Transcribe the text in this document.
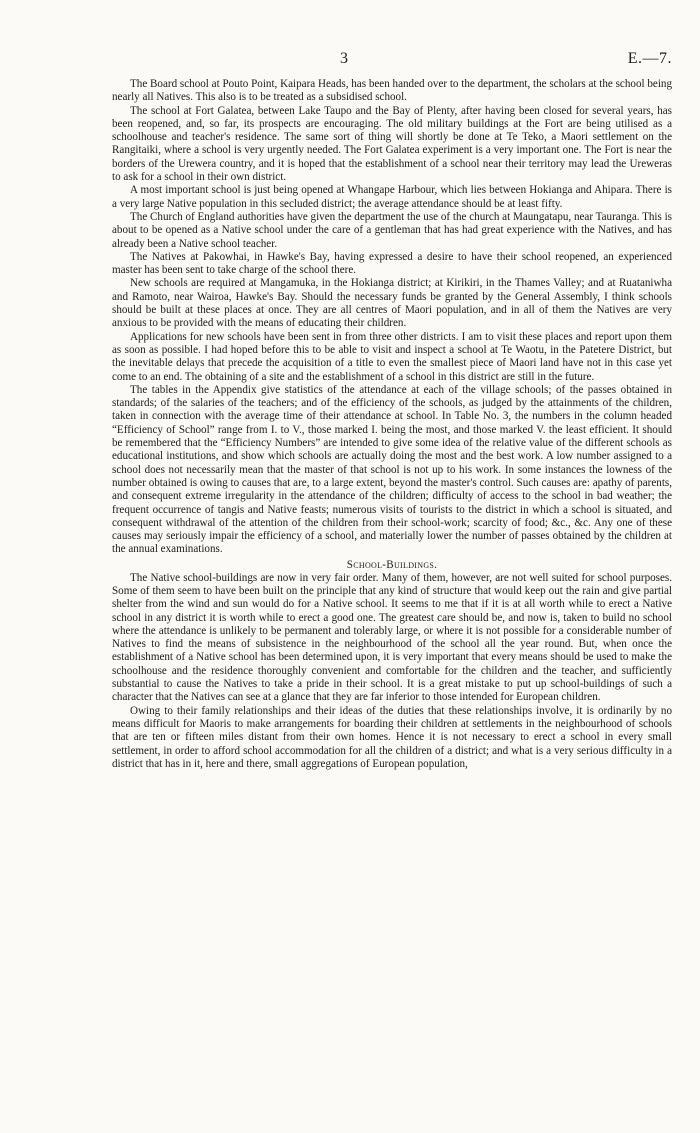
3	E.—7.

The Board school at Pouto Point, Kaipara Heads, has been handed over to the department, the scholars at the school being nearly all Natives. This also is to be treated as a subsidised school.

The school at Fort Galatea, between Lake Taupo and the Bay of Plenty, after having been closed for several years, has been reopened, and, so far, its prospects are encouraging. The old military buildings at the Fort are being utilised as a schoolhouse and teacher's residence. The same sort of thing will shortly be done at Te Teko, a Maori settlement on the Rangitaiki, where a school is very urgently needed. The Fort Galatea experiment is a very important one. The Fort is near the borders of the Urewera country, and it is hoped that the establishment of a school near their territory may lead the Ureweras to ask for a school in their own district.

A most important school is just being opened at Whangape Harbour, which lies between Hokianga and Ahipara. There is a very large Native population in this secluded district; the average attendance should be at least fifty.

The Church of England authorities have given the department the use of the church at Maungatapu, near Tauranga. This is about to be opened as a Native school under the care of a gentleman that has had great experience with the Natives, and has already been a Native school teacher.

The Natives at Pakowhai, in Hawke's Bay, having expressed a desire to have their school reopened, an experienced master has been sent to take charge of the school there.

New schools are required at Mangamuka, in the Hokianga district; at Kirikiri, in the Thames Valley; and at Ruataniwha and Ramoto, near Wairoa, Hawke's Bay. Should the necessary funds be granted by the General Assembly, I think schools should be built at these places at once. They are all centres of Maori population, and in all of them the Natives are very anxious to be provided with the means of educating their children.

Applications for new schools have been sent in from three other districts. I am to visit these places and report upon them as soon as possible. I had hoped before this to be able to visit and inspect a school at Te Waotu, in the Patetere District, but the inevitable delays that precede the acquisition of a title to even the smallest piece of Maori land have not in this case yet come to an end. The obtaining of a site and the establishment of a school in this district are still in the future.

The tables in the Appendix give statistics of the attendance at each of the village schools; of the passes obtained in standards; of the salaries of the teachers; and of the efficiency of the schools, as judged by the attainments of the children, taken in connection with the average time of their attendance at school. In Table No. 3, the numbers in the column headed “Efficiency of School” range from I. to V., those marked I. being the most, and those marked V. the least efficient. It should be remembered that the “Efficiency Numbers” are intended to give some idea of the relative value of the different schools as educational institutions, and show which schools are actually doing the most and the best work. A low number assigned to a school does not necessarily mean that the master of that school is not up to his work. In some instances the lowness of the number obtained is owing to causes that are, to a large extent, beyond the master's control. Such causes are: apathy of parents, and consequent extreme irregularity in the attendance of the children; difficulty of access to the school in bad weather; the frequent occurrence of tangis and Native feasts; numerous visits of tourists to the district in which a school is situated, and consequent withdrawal of the attention of the children from their school-work; scarcity of food; &c., &c. Any one of these causes may seriously impair the efficiency of a school, and materially lower the number of passes obtained by the children at the annual examinations.

School-Buildings.

The Native school-buildings are now in very fair order. Many of them, however, are not well suited for school purposes. Some of them seem to have been built on the principle that any kind of structure that would keep out the rain and give partial shelter from the wind and sun would do for a Native school. It seems to me that if it is at all worth while to erect a Native school in any district it is worth while to erect a good one. The greatest care should be, and now is, taken to build no school where the attendance is unlikely to be permanent and tolerably large, or where it is not possible for a considerable number of Natives to find the means of subsistence in the neighbourhood of the school all the year round. But, when once the establishment of a Native school has been determined upon, it is very important that every means should be used to make the schoolhouse and the residence thoroughly convenient and comfortable for the children and the teacher, and sufficiently substantial to cause the Natives to take a pride in their school. It is a great mistake to put up school-buildings of such a character that the Natives can see at a glance that they are far inferior to those intended for European children.

Owing to their family relationships and their ideas of the duties that these relationships involve, it is ordinarily by no means difficult for Maoris to make arrangements for boarding their children at settlements in the neighbourhood of schools that are ten or fifteen miles distant from their own homes. Hence it is not necessary to erect a school in every small settlement, in order to afford school accommodation for all the children of a district; and what is a very serious difficulty in a district that has in it, here and there, small aggregations of European population,
